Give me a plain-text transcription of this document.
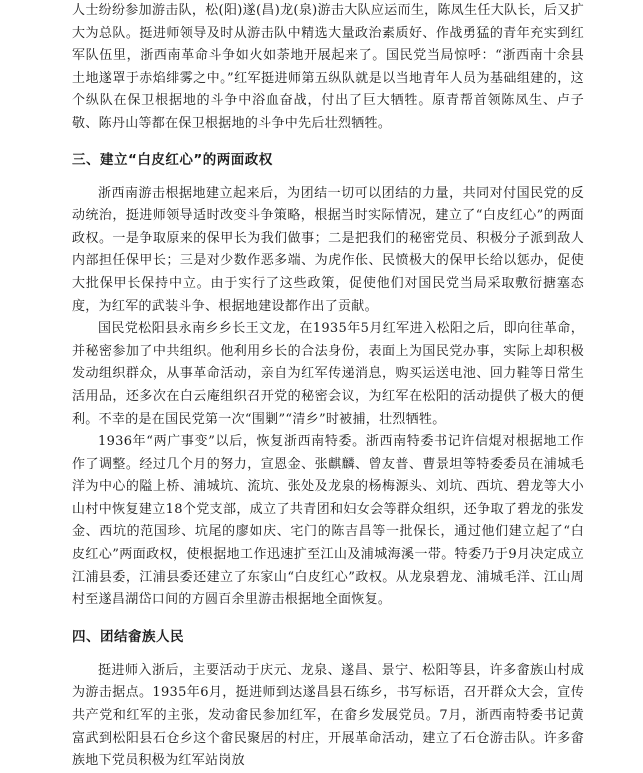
人士纷纷参加游击队，松(阳)遂(昌)龙(泉)游击大队应运而生，陈凤生任大队长，后又扩大为总队。挺进师领导及时从游击队中精选大量政治素质好、作战勇猛的青年充实到红军队伍里，浙西南革命斗争如火如荼地开展起来了。国民党当局惊呼：“浙西南十余县土地遂罩于赤焰绯雾之中。”红军挺进师第五纵队就是以当地青年人员为基础组建的，这个纵队在保卫根据地的斗争中浴血奋战，付出了巨大牺牲。原青帮首领陈凤生、卢子敬、陈丹山等都在保卫根据地的斗争中先后壮烈牺牲。

三、建立“白皮红心”的两面政权

浙西南游击根据地建立起来后，为团结一切可以团结的力量，共同对付国民党的反动统治，挺进师领导适时改变斗争策略，根据当时实际情况，建立了“白皮红心”的两面政权。一是争取原来的保甲长为我们做事；二是把我们的秘密党员、积极分子派到敌人内部担任保甲长；三是对少数作恶多端、为虎作伥、民愤极大的保甲长给以惩办，促使大批保甲长保持中立。由于实行了这些政策，促使他们对国民党当局采取敷衍搪塞态度，为红军的武装斗争、根据地建设都作出了贡献。

国民党松阳县永南乡乡长王文龙，在1935年5月红军进入松阳之后，即向往革命，并秘密参加了中共组织。他利用乡长的合法身份，表面上为国民党办事，实际上却积极发动组织群众，从事革命活动，亲自为红军传递消息，购买运送电池、回力鞋等日常生活用品，还多次在白云庵组织召开党的秘密会议，为红军在松阳的活动提供了极大的便利。不幸的是在国民党第一次“围剿”“清乡”时被捕，壮烈牺牲。

1936年“两广事变”以后，恢复浙西南特委。浙西南特委书记许信焜对根据地工作作了调整。经过几个月的努力，宣恩金、张麒麟、曾友普、曹景坦等特委委员在浦城毛洋为中心的隘上桥、浦城坑、流坑、张处及龙泉的杨梅源头、刘坑、西坑、碧龙等大小山村中恢复建立18个党支部，成立了共青团和妇女会等群众组织，还争取了碧龙的张发金、西坑的范国珍、坑尾的廖如庆、宅门的陈吉昌等一批保长，通过他们建立起了“白皮红心”两面政权，使根据地工作迅速扩至江山及浦城海溪一带。特委乃于9月决定成立江浦县委，江浦县委还建立了东家山“白皮红心”政权。从龙泉碧龙、浦城毛洋、江山周村至遂昌湖岱口间的方圆百余里游击根据地全面恢复。

四、团结畲族人民

挺进师入浙后，主要活动于庆元、龙泉、遂昌、景宁、松阳等县，许多畲族山村成为游击据点。1935年6月，挺进师到达遂昌县石练乡，书写标语，召开群众大会，宣传共产党和红军的主张，发动畲民参加红军，在畲乡发展党员。7月，浙西南特委书记黄富武到松阳县石仓乡这个畲民聚居的村庄，开展革命活动，建立了石仓游击队。许多畲族地下党员积极为红军站岗放
